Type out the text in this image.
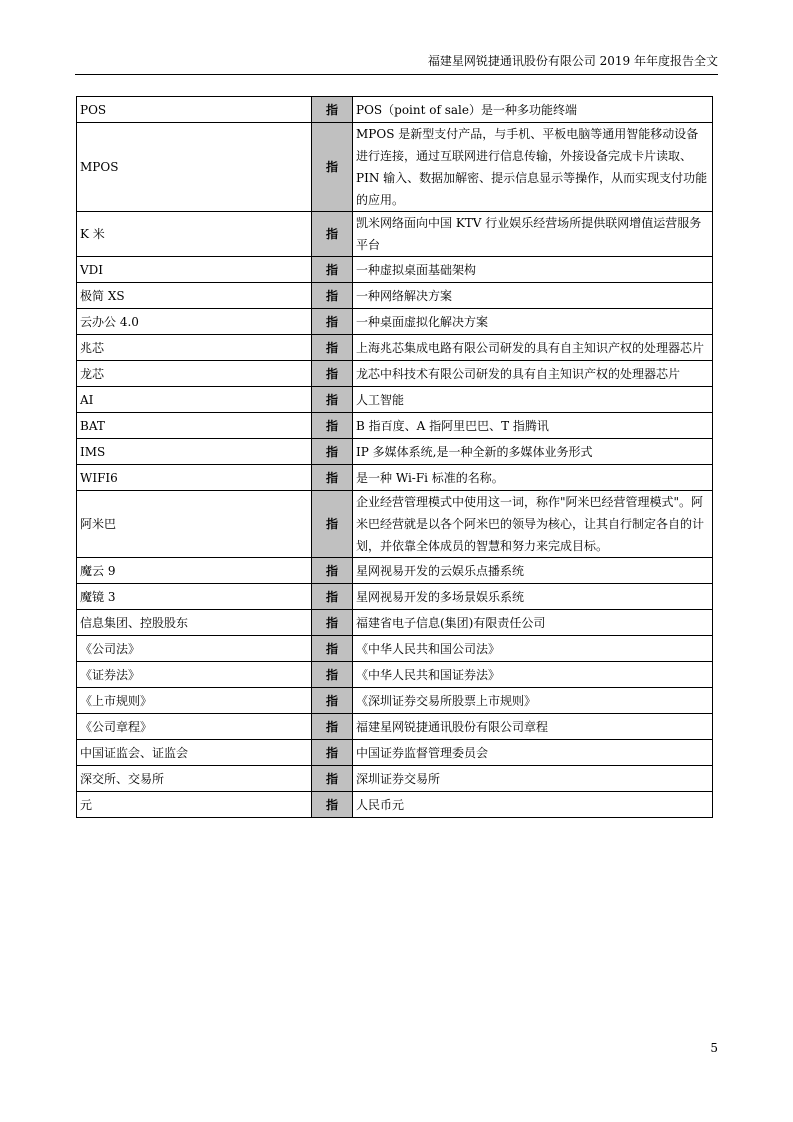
福建星网锐捷通讯股份有限公司 2019 年年度报告全文
POS	指	POS（point of sale）是一种多功能终端
MPOS	指	MPOS 是新型支付产品，与手机、平板电脑等通用智能移动设备进行连接，通过互联网进行信息传输，外接设备完成卡片读取、PIN 输入、数据加解密、提示信息显示等操作，从而实现支付功能的应用。
K 米	指	凯米网络面向中国 KTV 行业娱乐经营场所提供联网增值运营服务平台
VDI	指	一种虚拟桌面基础架构
极简 XS	指	一种网络解决方案
云办公 4.0	指	一种桌面虚拟化解决方案
兆芯	指	上海兆芯集成电路有限公司研发的具有自主知识产权的处理器芯片
龙芯	指	龙芯中科技术有限公司研发的具有自主知识产权的处理器芯片
AI	指	人工智能
BAT	指	B 指百度、A 指阿里巴巴、T 指腾讯
IMS	指	IP 多媒体系统,是一种全新的多媒体业务形式
WIFI6	指	是一种 Wi-Fi 标准的名称。
阿米巴	指	企业经营管理模式中使用这一词，称作"阿米巴经营管理模式"。阿米巴经营就是以各个阿米巴的领导为核心，让其自行制定各自的计划，并依靠全体成员的智慧和努力来完成目标。
魔云 9	指	星网视易开发的云娱乐点播系统
魔镜 3	指	星网视易开发的多场景娱乐系统
信息集团、控股股东	指	福建省电子信息(集团)有限责任公司
《公司法》	指	《中华人民共和国公司法》
《证券法》	指	《中华人民共和国证券法》
《上市规则》	指	《深圳证券交易所股票上市规则》
《公司章程》	指	福建星网锐捷通讯股份有限公司章程
中国证监会、证监会	指	中国证券监督管理委员会
深交所、交易所	指	深圳证券交易所
元	指	人民币元
5
